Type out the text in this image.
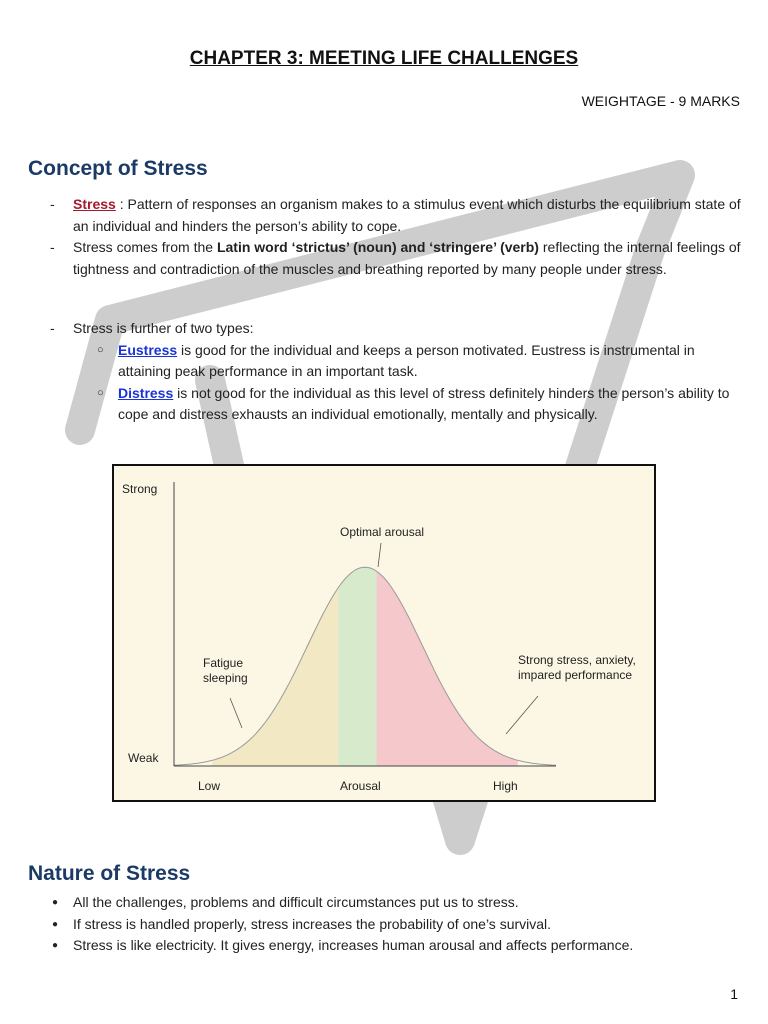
CHAPTER 3: MEETING LIFE CHALLENGES
WEIGHTAGE - 9 MARKS
Concept of Stress
- Stress : Pattern of responses an organism makes to a stimulus event which disturbs the equilibrium state of an individual and hinders the person’s ability to cope.
- Stress comes from the Latin word ‘strictus’ (noun) and ‘stringere’ (verb) reflecting the internal feelings of tightness and contradiction of the muscles and breathing reported by many people under stress.
- Stress is further of two types:
○ Eustress is good for the individual and keeps a person motivated. Eustress is instrumental in attaining peak performance in an important task.
○ Distress is not good for the individual as this level of stress definitely hinders the person’s ability to cope and distress exhausts an individual emotionally, mentally and physically.
Strong
Weak
Low	Arousal	High
Optimal arousal
Fatigue
sleeping
Strong stress, anxiety,
impared performance
Nature of Stress
● All the challenges, problems and difficult circumstances put us to stress.
● If stress is handled properly, stress increases the probability of one’s survival.
● Stress is like electricity. It gives energy, increases human arousal and affects performance.
1
